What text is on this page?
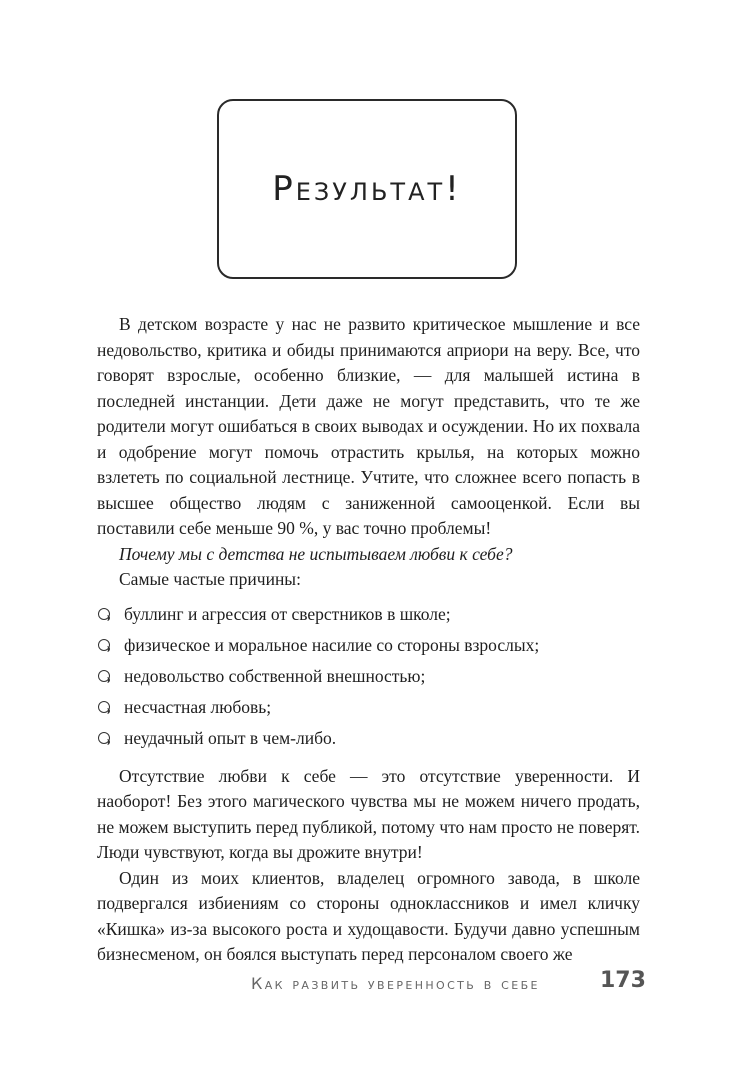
Результат!

В детском возрасте у нас не развито критическое мышление и все недовольство, критика и обиды принимаются априори на веру. Все, что говорят взрослые, особенно близкие, — для малышей истина в последней инстанции. Дети даже не могут представить, что те же родители могут ошибаться в своих выводах и осуждении. Но их похвала и одобрение могут помочь отрастить крылья, на которых можно взлететь по социальной лестнице. Учтите, что сложнее всего попасть в высшее общество людям с заниженной самооценкой. Если вы поставили себе меньше 90 %, у вас точно проблемы!

Почему мы с детства не испытываем любви к себе?

Самые частые причины:

буллинг и агрессия от сверстников в школе;
физическое и моральное насилие со стороны взрослых;
недовольство собственной внешностью;
несчастная любовь;
неудачный опыт в чем-либо.

Отсутствие любви к себе — это отсутствие уверенности. И наоборот! Без этого магического чувства мы не можем ничего продать, не можем выступить перед публикой, потому что нам просто не поверят. Люди чувствуют, когда вы дрожите внутри!

Один из моих клиентов, владелец огромного завода, в школе подвергался избиениям со стороны одноклассников и имел кличку «Кишка» из-за высокого роста и худощавости. Будучи давно успешным бизнесменом, он боялся выступать перед персоналом своего же

Как развить уверенность в себе	173
